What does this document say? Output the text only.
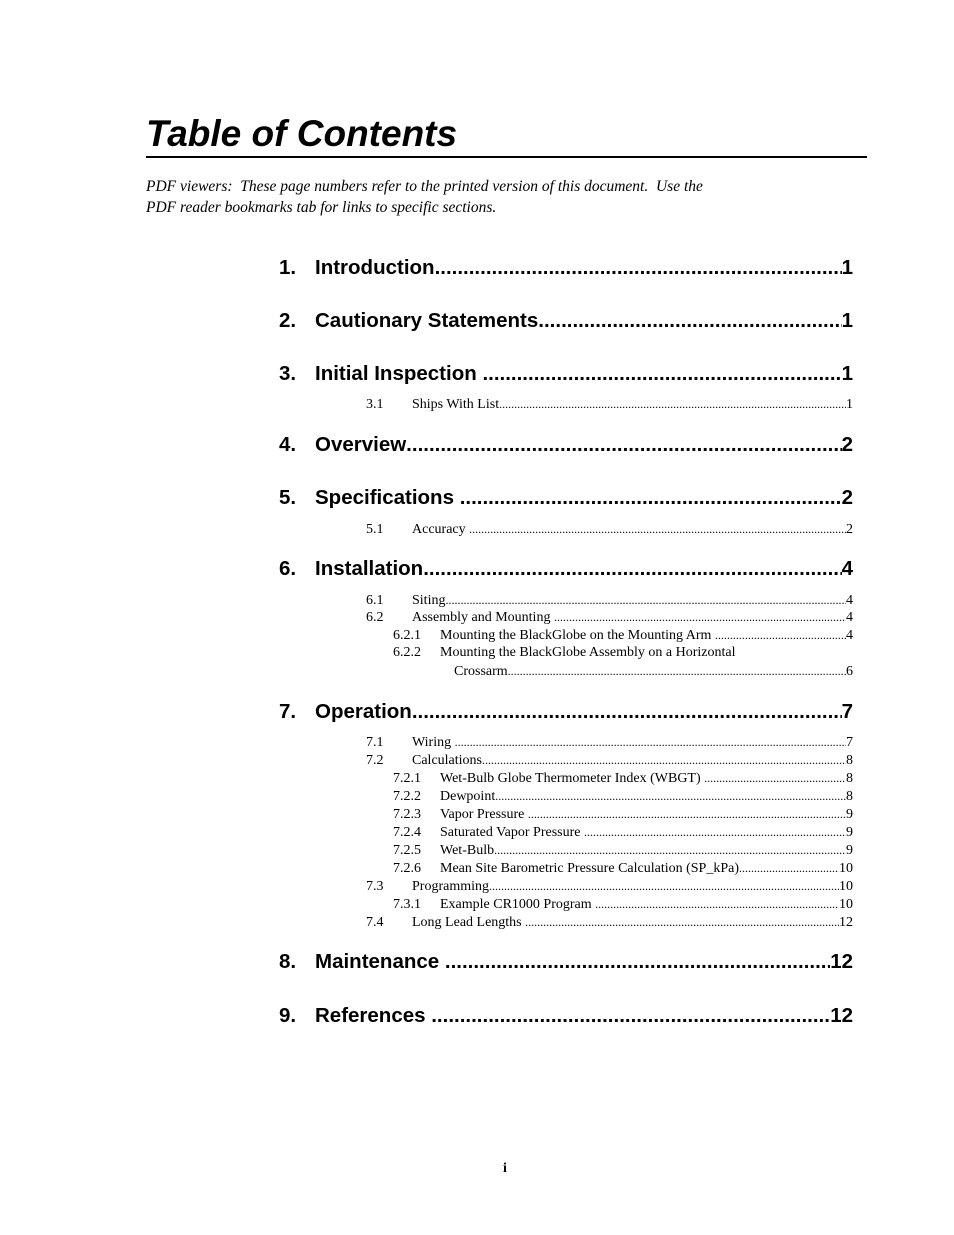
Table of Contents
PDF viewers:  These page numbers refer to the printed version of this document.  Use the
PDF reader bookmarks tab for links to specific sections.
1. Introduction .....	1
2. Cautionary Statements .....	1
3. Initial Inspection .....	1
3.1	Ships With List .....	1
4. Overview .....	2
5. Specifications .....	2
5.1	Accuracy .....	2
6. Installation .....	4
6.1	Siting .....	4
6.2	Assembly and Mounting .....	4
6.2.1	Mounting the BlackGlobe on the Mounting Arm .....	4
6.2.2	Mounting the BlackGlobe Assembly on a Horizontal
Crossarm .....	6
7. Operation .....	7
7.1	Wiring .....	7
7.2	Calculations .....	8
7.2.1	Wet-Bulb Globe Thermometer Index (WBGT) .....	8
7.2.2	Dewpoint .....	8
7.2.3	Vapor Pressure .....	9
7.2.4	Saturated Vapor Pressure .....	9
7.2.5	Wet-Bulb .....	9
7.2.6	Mean Site Barometric Pressure Calculation (SP_kPa) .....	10
7.3	Programming .....	10
7.3.1	Example CR1000 Program .....	10
7.4	Long Lead Lengths .....	12
8. Maintenance .....	12
9. References .....	12
i
